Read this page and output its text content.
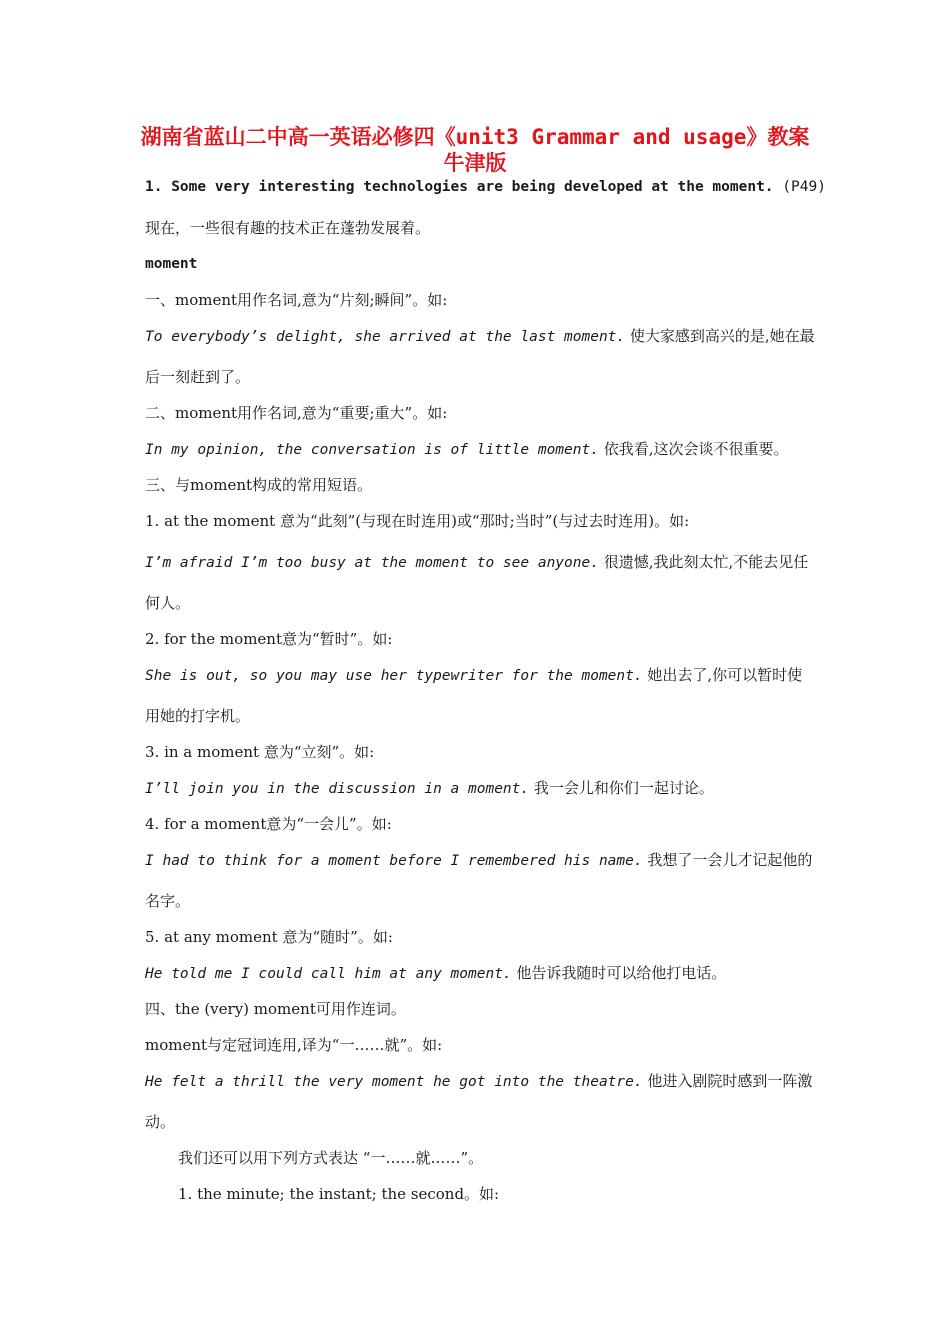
湖南省蓝山二中高一英语必修四《unit3 Grammar and usage》教案
牛津版
1. Some very interesting technologies are being developed at the moment. (P49)
现在，一些很有趣的技术正在蓬勃发展着。
moment
一、moment用作名词,意为“片刻;瞬间”。如:
To everybody’s delight, she arrived at the last moment. 使大家感到高兴的是,她在最后一刻赶到了。
二、moment用作名词,意为“重要;重大”。如:
In my opinion, the conversation is of little moment. 依我看,这次会谈不很重要。
三、与moment构成的常用短语。
1. at the moment 意为“此刻”(与现在时连用)或“那时;当时”(与过去时连用)。如:
I’m afraid I’m too busy at the moment to see anyone. 很遗憾,我此刻太忙,不能去见任何人。
2. for the moment意为“暂时”。如:
She is out, so you may use her typewriter for the moment. 她出去了,你可以暂时使用她的打字机。
3. in a moment 意为“立刻”。如:
I’ll join you in the discussion in a moment. 我一会儿和你们一起讨论。
4. for a moment意为“一会儿”。如:
I had to think for a moment before I remembered his name. 我想了一会儿才记起他的名字。
5. at any moment 意为“随时”。如:
He told me I could call him at any moment. 他告诉我随时可以给他打电话。
四、the (very) moment可用作连词。
moment与定冠词连用,译为“一……就”。如:
He felt a thrill the very moment he got into the theatre. 他进入剧院时感到一阵激动。
我们还可以用下列方式表达 “一……就……”。
1. the minute; the instant; the second。如:
